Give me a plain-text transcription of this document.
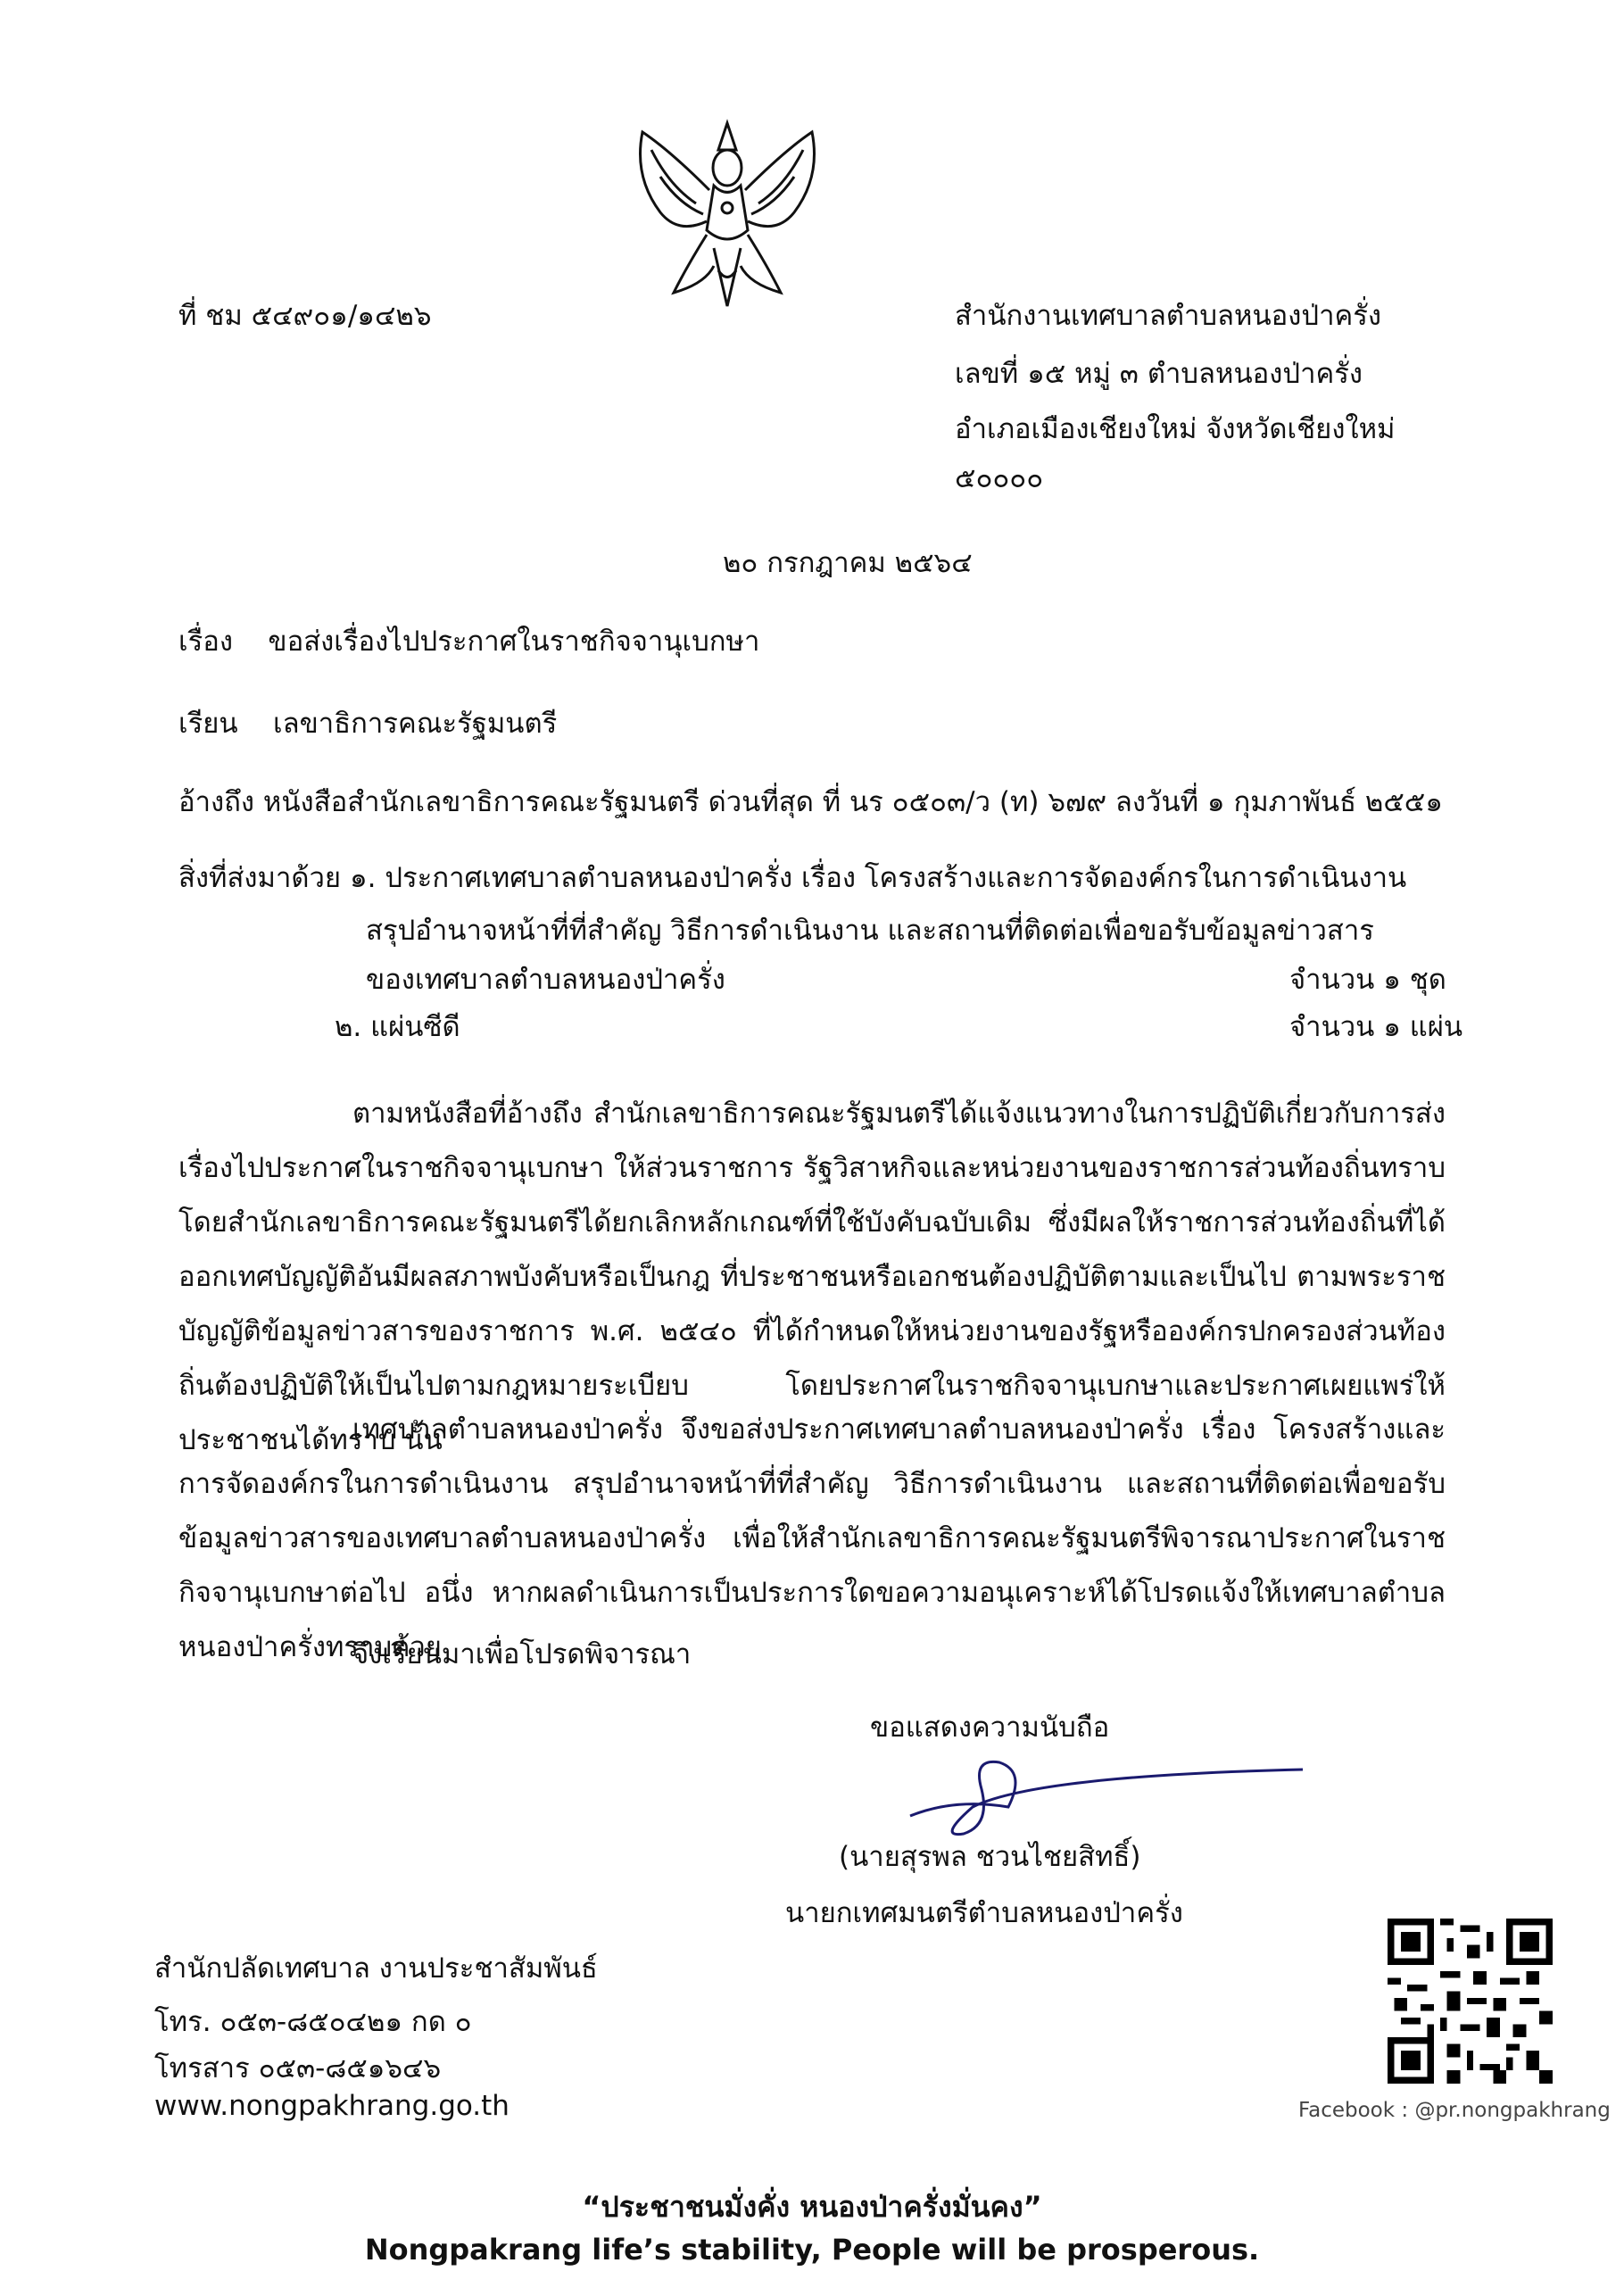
ที่ ชม ๕๔๙๐๑/๑๔๒๖	สำนักงานเทศบาลตำบลหนองป่าครั่ง
เลขที่ ๑๕ หมู่ ๓ ตำบลหนองป่าครั่ง
อำเภอเมืองเชียงใหม่ จังหวัดเชียงใหม่
๕๐๐๐๐
๒๐ กรกฎาคม ๒๕๖๔
เรื่อง    ขอส่งเรื่องไปประกาศในราชกิจจานุเบกษา
เรียน    เลขาธิการคณะรัฐมนตรี
อ้างถึง หนังสือสำนักเลขาธิการคณะรัฐมนตรี ด่วนที่สุด ที่ นร ๐๕๐๓/ว (ท) ๖๗๙ ลงวันที่ ๑ กุมภาพันธ์ ๒๕๕๑
สิ่งที่ส่งมาด้วย ๑. ประกาศเทศบาลตำบลหนองป่าครั่ง เรื่อง โครงสร้างและการจัดองค์กรในการดำเนินงาน
สรุปอำนาจหน้าที่ที่สำคัญ วิธีการดำเนินงาน และสถานที่ติดต่อเพื่อขอรับข้อมูลข่าวสาร
ของเทศบาลตำบลหนองป่าครั่ง	จำนวน ๑ ชุด
๒. แผ่นซีดี	จำนวน ๑ แผ่น
ตามหนังสือที่อ้างถึง สำนักเลขาธิการคณะรัฐมนตรีได้แจ้งแนวทางในการปฏิบัติเกี่ยวกับการส่งเรื่องไปประกาศในราชกิจจานุเบกษา ให้ส่วนราชการ รัฐวิสาหกิจและหน่วยงานของราชการส่วนท้องถิ่นทราบ โดยสำนักเลขาธิการคณะรัฐมนตรีได้ยกเลิกหลักเกณฑ์ที่ใช้บังคับฉบับเดิม ซึ่งมีผลให้ราชการส่วนท้องถิ่นที่ได้ ออกเทศบัญญัติอันมีผลสภาพบังคับหรือเป็นกฎ ที่ประชาชนหรือเอกชนต้องปฏิบัติตามและเป็นไป ตามพระราชบัญญัติข้อมูลข่าวสารของราชการ พ.ศ. ๒๕๔๐ ที่ได้กำหนดให้หน่วยงานของรัฐหรือองค์กรปกครองส่วนท้องถิ่นต้องปฏิบัติให้เป็นไปตามกฎหมายระเบียบ โดยประกาศในราชกิจจานุเบกษาและประกาศเผยแพร่ให้ประชาชนได้ทราบ นั้น
เทศบาลตำบลหนองป่าครั่ง จึงขอส่งประกาศเทศบาลตำบลหนองป่าครั่ง เรื่อง โครงสร้างและการจัดองค์กรในการดำเนินงาน สรุปอำนาจหน้าที่ที่สำคัญ วิธีการดำเนินงาน และสถานที่ติดต่อเพื่อขอรับข้อมูลข่าวสารของเทศบาลตำบลหนองป่าครั่ง เพื่อให้สำนักเลขาธิการคณะรัฐมนตรีพิจารณาประกาศในราชกิจจานุเบกษาต่อไป อนึ่ง หากผลดำเนินการเป็นประการใดขอความอนุเคราะห์ได้โปรดแจ้งให้เทศบาลตำบลหนองป่าครั่งทราบด้วย
จึงเรียนมาเพื่อโปรดพิจารณา
ขอแสดงความนับถือ
(นายสุรพล ชวนไชยสิทธิ์)
นายกเทศมนตรีตำบลหนองป่าครั่ง
สำนักปลัดเทศบาล งานประชาสัมพันธ์
โทร. ๐๕๓-๘๕๐๔๒๑ กด ๐
โทรสาร ๐๕๓-๘๕๑๖๔๖
www.nongpakhrang.go.th	Facebook : @pr.nongpakhrang
“ประชาชนมั่งคั่ง หนองป่าครั่งมั่นคง”
Nongpakrang life’s stability, People will be prosperous.
